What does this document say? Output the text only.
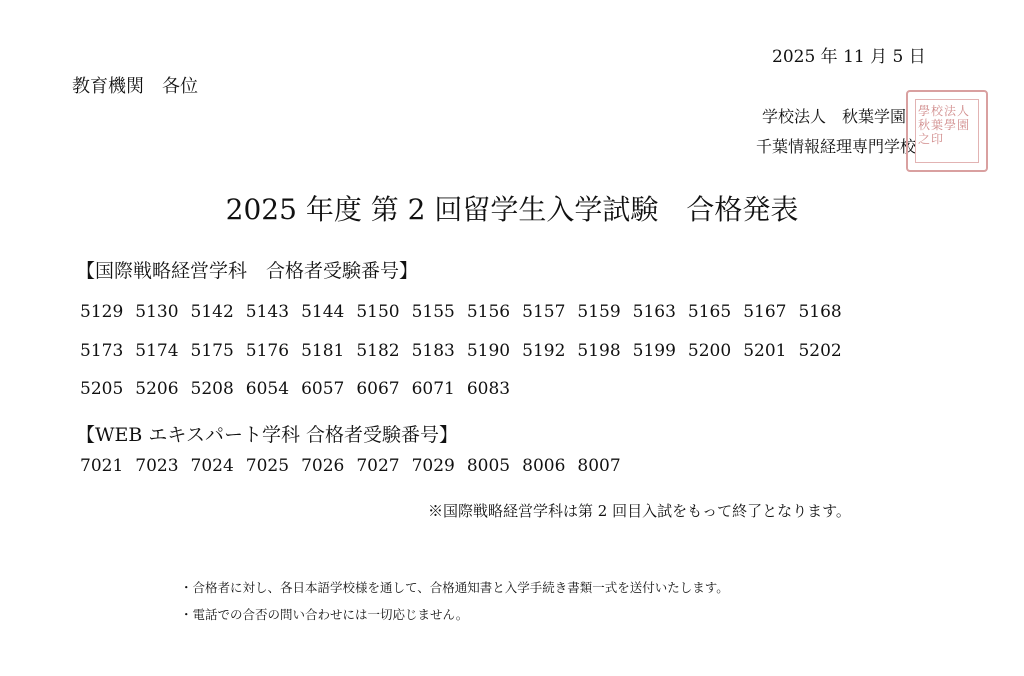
2025 年 11 月 5 日
教育機関　各位
学校法人　秋葉学園
千葉情報経理専門学校
學校法人秋葉學園之印
2025 年度 第 2 回留学生入学試験　合格発表
【国際戦略経営学科　合格者受験番号】
5129 5130 5142 5143 5144 5150 5155 5156 5157 5159 5163 5165 5167 5168
5173 5174 5175 5176 5181 5182 5183 5190 5192 5198 5199 5200 5201 5202
5205 5206 5208 6054 6057 6067 6071 6083
【WEB エキスパート学科 合格者受験番号】
7021 7023 7024 7025 7026 7027 7029 8005 8006 8007
※国際戦略経営学科は第 2 回目入試をもって終了となります。
・合格者に対し、各日本語学校様を通して、合格通知書と入学手続き書類一式を送付いたします。
・電話での合否の問い合わせには一切応じません。
